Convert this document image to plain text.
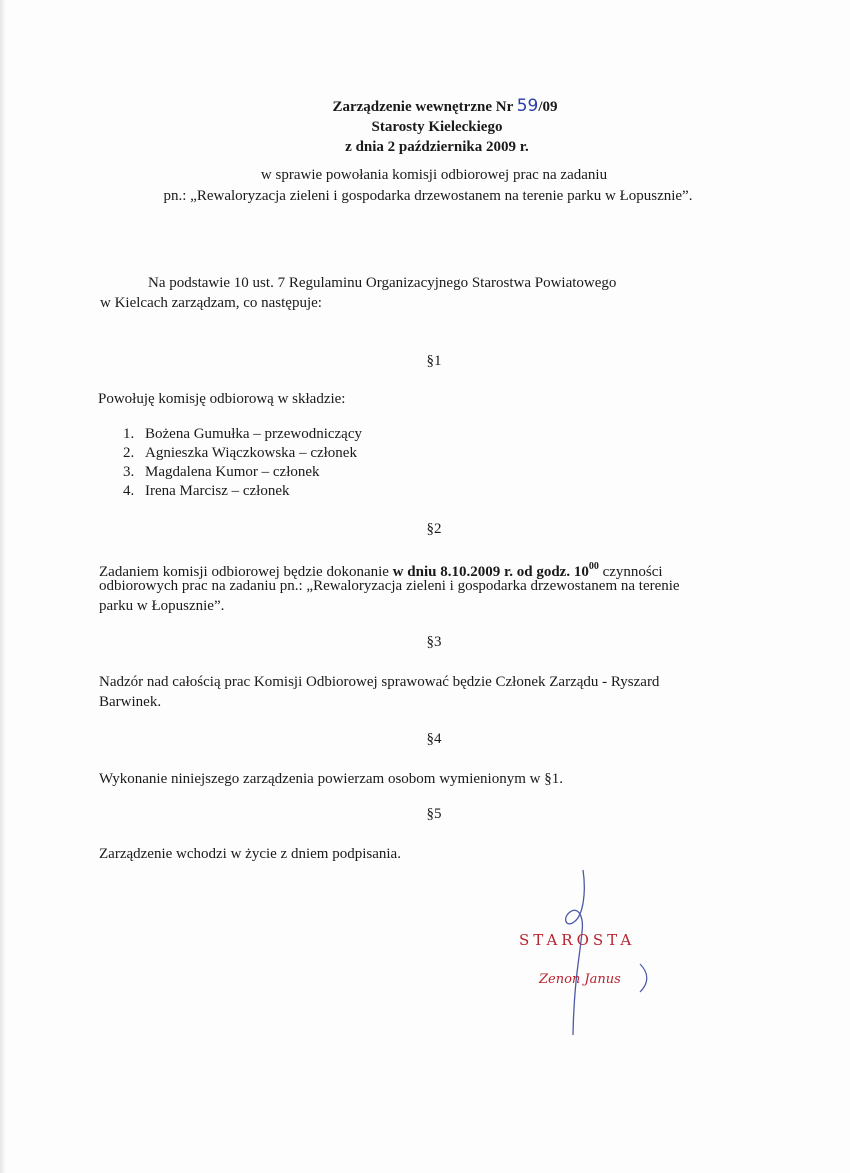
Zarządzenie wewnętrzne Nr 59/09
Starosty Kieleckiego
z dnia 2 października 2009 r.
w sprawie powołania komisji odbiorowej prac na zadaniu
pn.: „Rewaloryzacja zieleni i gospodarka drzewostanem na terenie parku w Łopusznie”.
Na podstawie 10 ust. 7 Regulaminu Organizacyjnego Starostwa Powiatowego
w Kielcach zarządzam, co następuje:
§1
Powołuję komisję odbiorową w składzie:
1. Bożena Gumułka – przewodniczący
2. Agnieszka Wiączkowska – członek
3. Magdalena Kumor – członek
4. Irena Marcisz – członek
§2
Zadaniem komisji odbiorowej będzie dokonanie w dniu 8.10.2009 r. od godz. $10^{00}$ czynności
odbiorowych prac na zadaniu pn.: „Rewaloryzacja zieleni i gospodarka drzewostanem na terenie
parku w Łopusznie”.
§3
Nadzór nad całością prac Komisji Odbiorowej sprawować będzie Członek Zarządu - Ryszard
Barwinek.
§4
Wykonanie niniejszego zarządzenia powierzam osobom wymienionym w §1.
§5
Zarządzenie wchodzi w życie z dniem podpisania.
STAROSTA
Zenon Janus
